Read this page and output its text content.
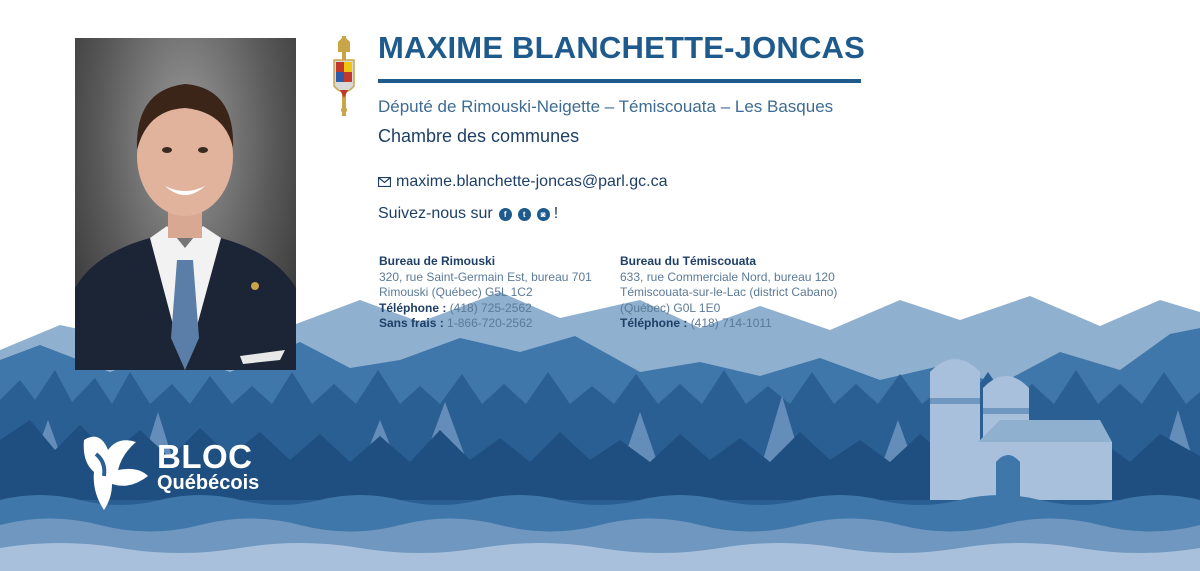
MAXIME BLANCHETTE-JONCAS
Député de Rimouski-Neigette – Témiscouata – Les Basques
Chambre des communes
maxime.blanchette-joncas@parl.gc.ca
Suivez-nous sur	f	t	◙ !
Bureau de Rimouski
320, rue Saint-Germain Est, bureau 701
Rimouski (Québec) G5L 1C2
Téléphone : (418) 725-2562
Sans frais : 1-866-720-2562
Bureau du Témiscouata
633, rue Commerciale Nord, bureau 120
Témiscouata-sur-le-Lac (district Cabano)
(Québec) G0L 1E0
Téléphone : (418) 714-1011
BLOC
Québécois
